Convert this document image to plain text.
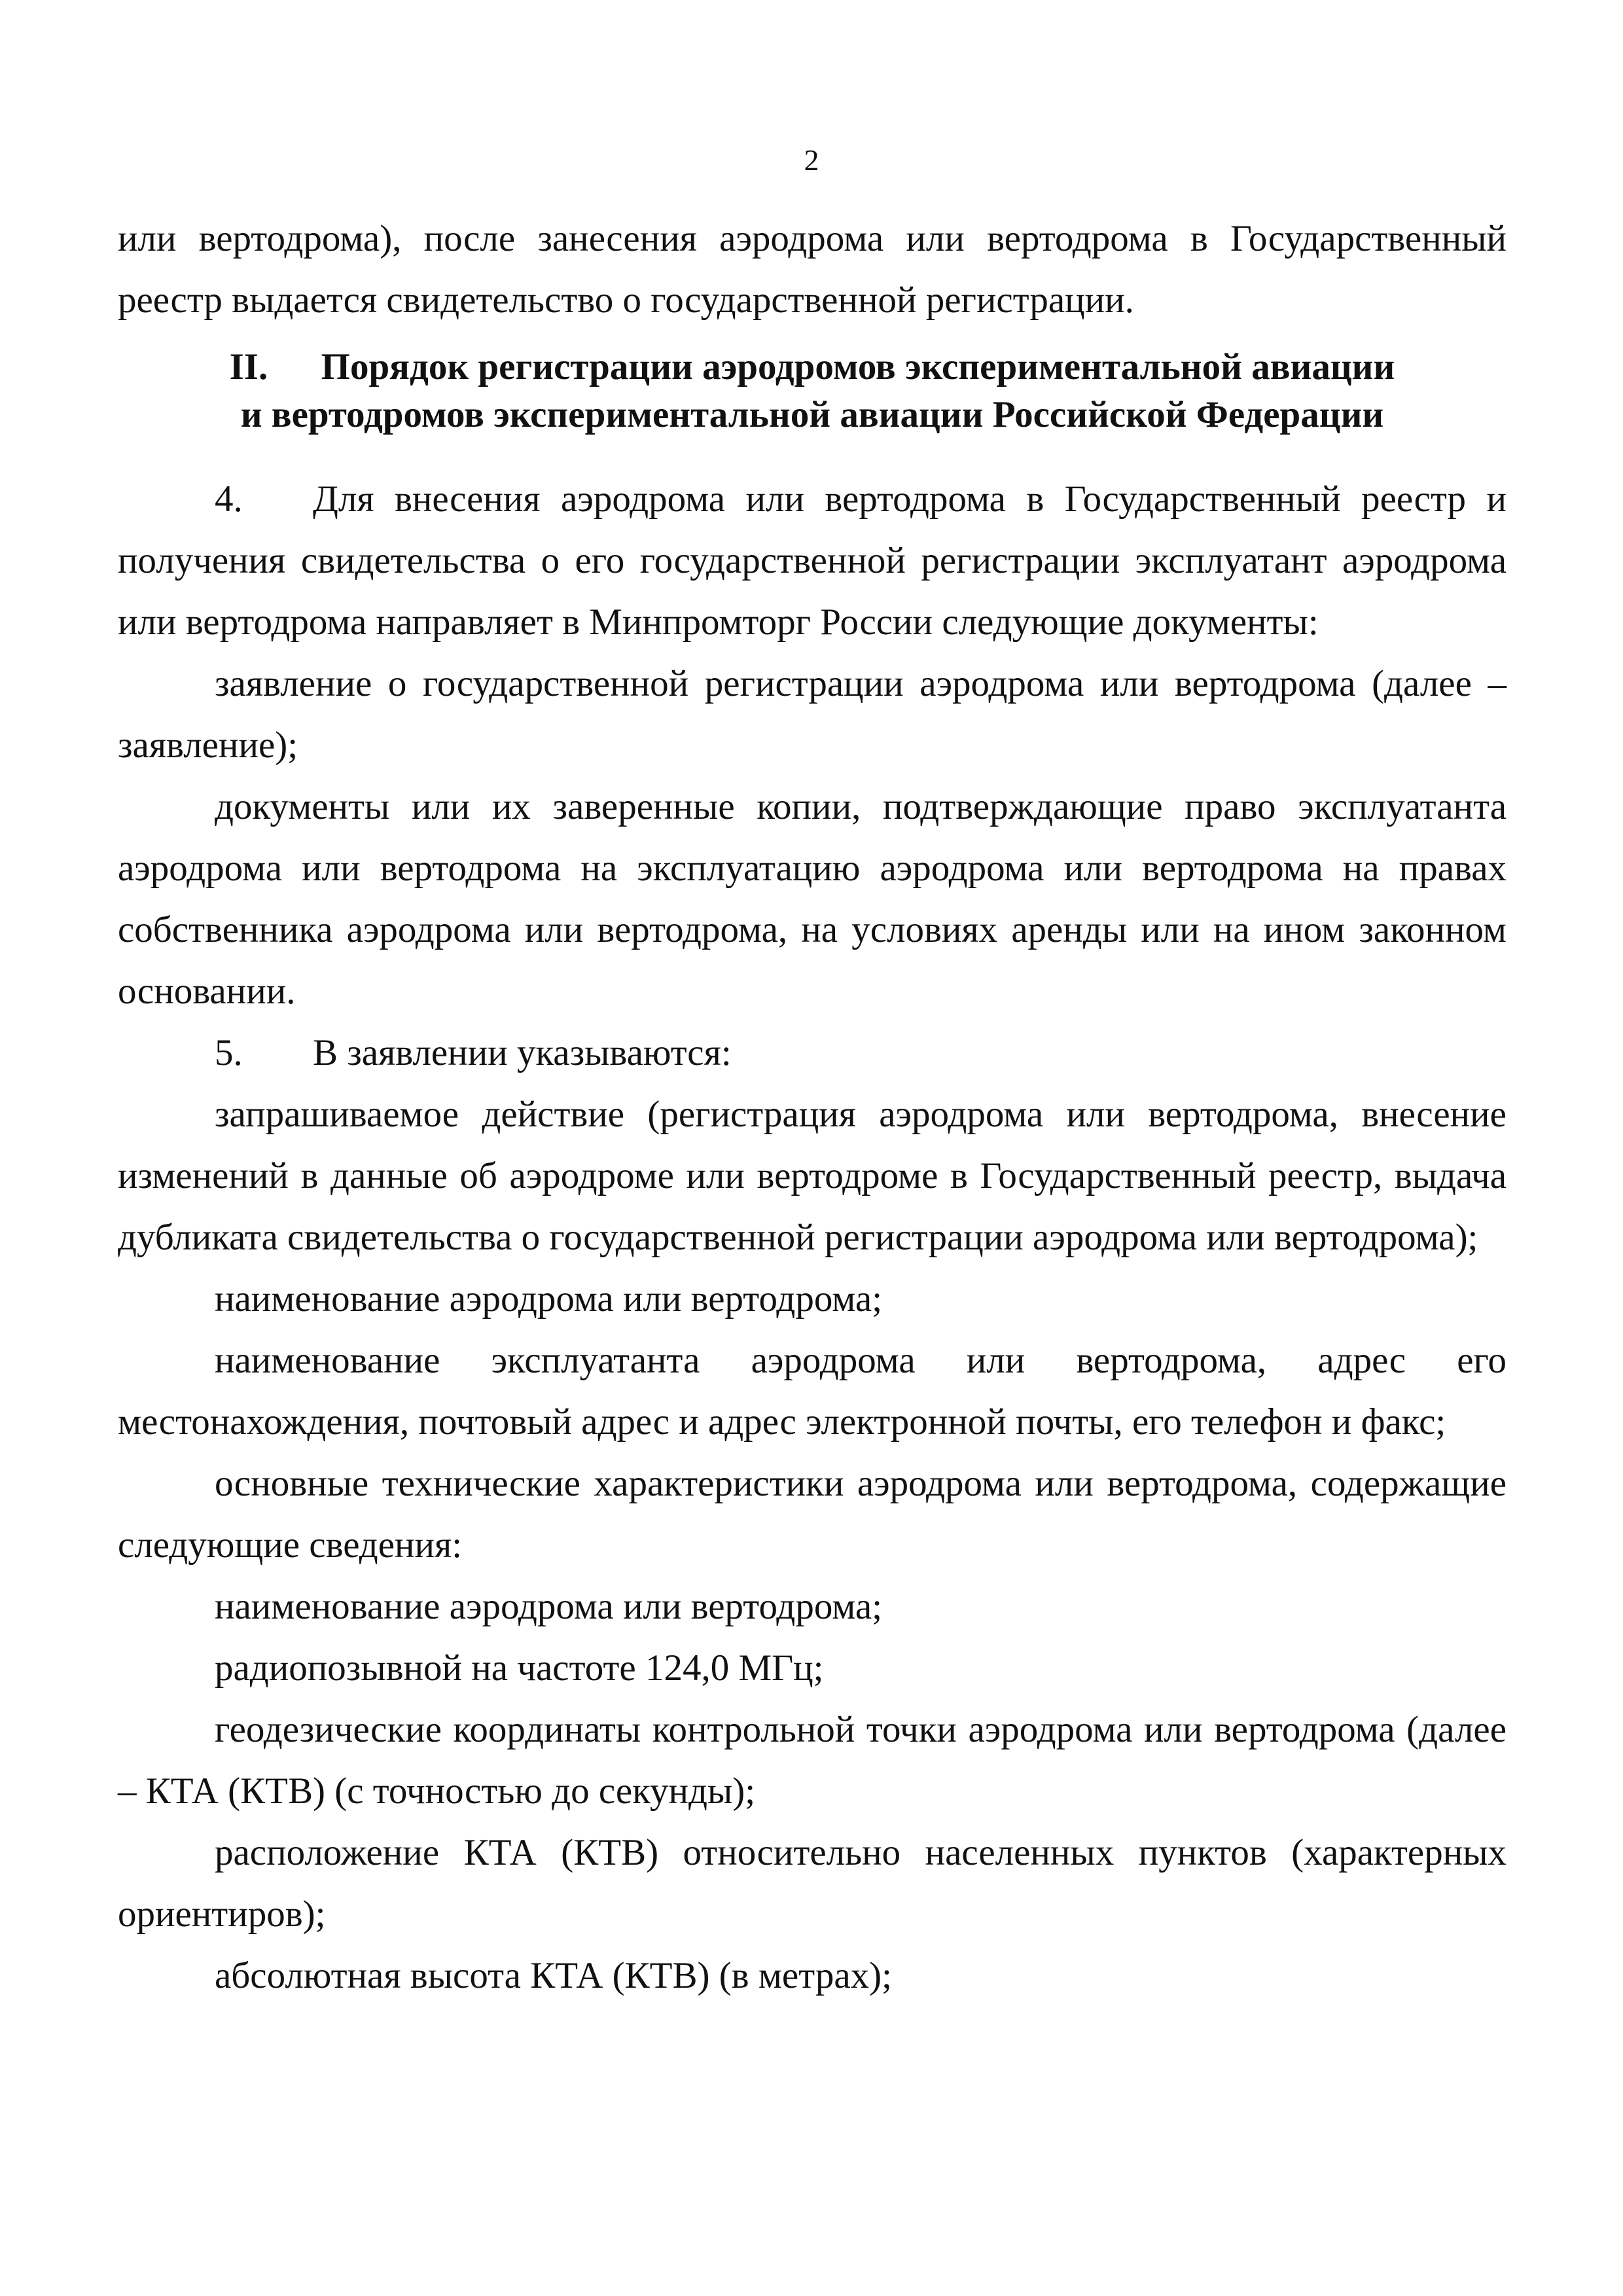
2

или вертодрома), после занесения аэродрома или вертодрома в Государственный реестр выдается свидетельство о государственной регистрации.

II. Порядок регистрации аэродромов экспериментальной авиации
и вертодромов экспериментальной авиации Российской Федерации

4. Для внесения аэродрома или вертодрома в Государственный реестр и получения свидетельства о его государственной регистрации эксплуатант аэродрома или вертодрома направляет в Минпромторг России следующие документы:

заявление о государственной регистрации аэродрома или вертодрома (далее – заявление);

документы или их заверенные копии, подтверждающие право эксплуатанта аэродрома или вертодрома на эксплуатацию аэродрома или вертодрома на правах собственника аэродрома или вертодрома, на условиях аренды или на ином законном основании.

5. В заявлении указываются:

запрашиваемое действие (регистрация аэродрома или вертодрома, внесение изменений в данные об аэродроме или вертодроме в Государственный реестр, выдача дубликата свидетельства о государственной регистрации аэродрома или вертодрома);

наименование аэродрома или вертодрома;

наименование эксплуатанта аэродрома или вертодрома, адрес его местонахождения, почтовый адрес и адрес электронной почты, его телефон и факс;

основные технические характеристики аэродрома или вертодрома, содержащие следующие сведения:

наименование аэродрома или вертодрома;

радиопозывной на частоте 124,0 МГц;

геодезические координаты контрольной точки аэродрома или вертодрома (далее – КТА (КТВ) (с точностью до секунды);

расположение КТА (КТВ) относительно населенных пунктов (характерных ориентиров);

абсолютная высота КТА (КТВ) (в метрах);
